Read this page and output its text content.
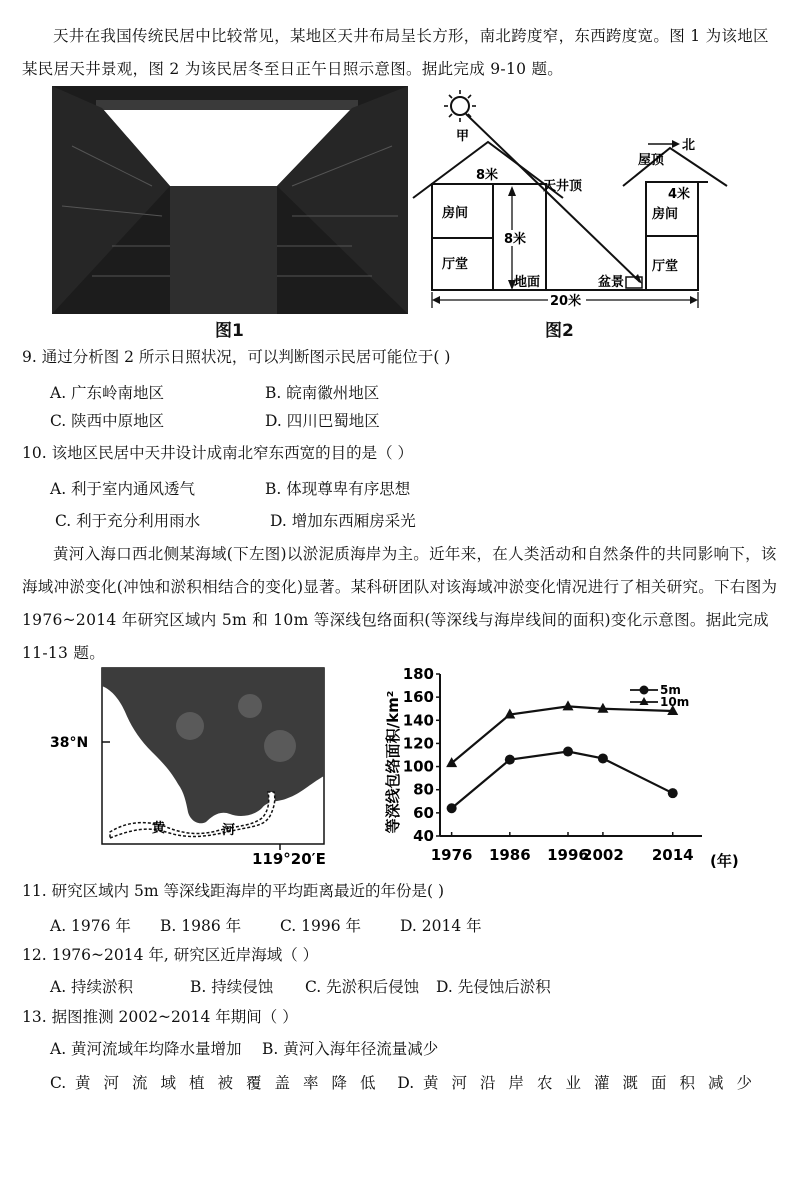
天井在我国传统民居中比较常见，某地区天井布局呈长方形，南北跨度窄，东西跨度宽。图 1 为该地区某民居天井景观，图 2 为该民居冬至日正午日照示意图。据此完成 9-10 题。
图1
甲
8米
房间
厅堂
8米
屋顶
4米
房间
厅堂
北
天井顶
地面	盆景
20米
图2
9. 通过分析图 2 所示日照状况，可以判断图示民居可能位于( )
A. 广东岭南地区	B. 皖南徽州地区
C. 陕西中原地区	D. 四川巴蜀地区
10. 该地区民居中天井设计成南北窄东西宽的目的是（ ）
A. 利于室内通风透气	B. 体现尊卑有序思想
C. 利于充分利用雨水	D. 增加东西厢房采光
黄河入海口西北侧某海域(下左图)以淤泥质海岸为主。近年来，在人类活动和自然条件的共同影响下，该海域冲淤变化(冲蚀和淤积相结合的变化)显著。某科研团队对该海域冲淤变化情况进行了相关研究。下右图为 1976~2014 年研究区域内 5m 和 10m 等深线包络面积(等深线与海岸线间的面积)变化示意图。据此完成 11-13 题。
黄	河
38°N
119°20′E
等深线包络面积/km²
40
60
80
100
120
140
160
180
1976 1986 1996
2002 2014
5m
10m
(年)
11. 研究区域内 5m 等深线距海岸的平均距离最近的年份是( )
A. 1976 年 B. 1986 年	C. 1996 年	D. 2014 年
12. 1976~2014 年, 研究区近岸海域（ ）
A. 持续淤积	B. 持续侵蚀 C. 先淤积后侵蚀 D. 先侵蚀后淤积
13. 据图推测 2002~2014 年期间（ ）
A. 黄河流域年均降水量增加 B. 黄河入海年径流量减少
C. 黄河流域植被覆盖率降低 D. 黄河沿岸农业灌溉面积减少
